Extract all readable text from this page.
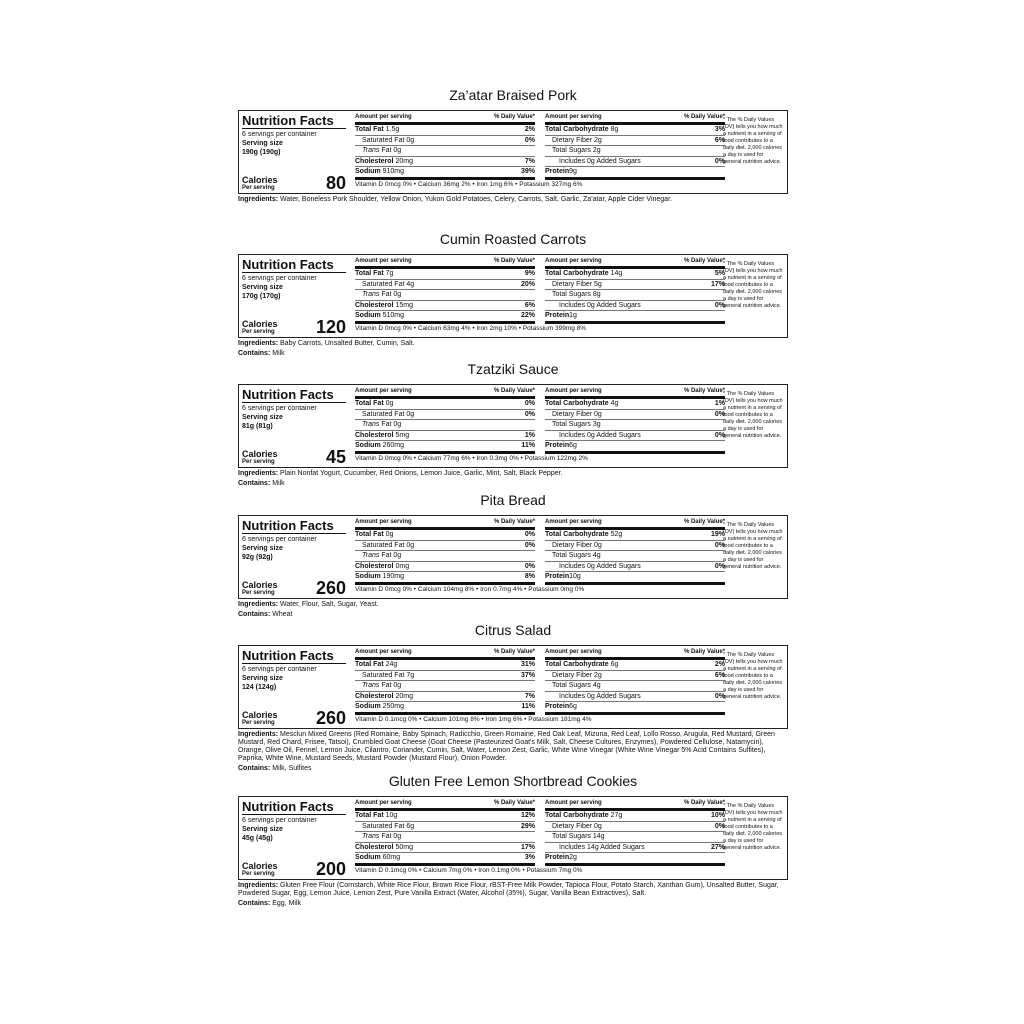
Za’atar Braised Pork
Nutrition Facts
6 servings per container
Serving size
190g (190g)
Calories
Per serving	80
Amount per serving	% Daily Value*
Total Fat 1.5g	2%
Saturated Fat 0g	0%
Trans Fat 0g
Cholesterol 20mg	7%
Sodium 910mg	39%
Amount per serving	% Daily Value*
Total Carbohydrate 8g	3%
Dietary Fiber 2g	6%
Total Sugars 2g
Includes 0g Added Sugars	0%
Protein9g
Vitamin D 0mcg 0% • Calcium 36mg 2% • Iron 1mg 6% • Potassium 327mg 6%
* The % Daily Values (DV) tells you how much a nutrient in a serving of food contributes to a daily diet. 2,000 calories a day is used for general nutrition advice.
Ingredients: Water, Boneless Pork Shoulder, Yellow Onion, Yukon Gold Potatoes, Celery, Carrots, Salt, Garlic, Za’atar, Apple Cider Vinegar.
Cumin Roasted Carrots
Nutrition Facts
6 servings per container
Serving size
170g (170g)
Calories
Per serving 120
Amount per serving	% Daily Value*
Total Fat 7g	9%
Saturated Fat 4g	20%
Trans Fat 0g
Cholesterol 15mg	6%
Sodium 510mg	22%
Amount per serving	% Daily Value*
Total Carbohydrate 14g	5%
Dietary Fiber 5g	17%
Total Sugars 8g
Includes 0g Added Sugars	0%
Protein1g
Vitamin D 0mcg 0% • Calcium 63mg 4% • Iron 2mg 10% • Potassium 399mg 8%
* The % Daily Values (DV) tells you how much a nutrient in a serving of food contributes to a daily diet. 2,000 calories a day is used for general nutrition advice.
Ingredients: Baby Carrots, Unsalted Butter, Cumin, Salt.
Contains: Milk
Tzatziki Sauce
Nutrition Facts
6 servings per container
Serving size
81g (81g)
Calories
Per serving	45
Amount per serving	% Daily Value*
Total Fat 0g	0%
Saturated Fat 0g	0%
Trans Fat 0g
Cholesterol 5mg	1%
Sodium 260mg	11%
Amount per serving	% Daily Value*
Total Carbohydrate 4g	1%
Dietary Fiber 0g	0%
Total Sugars 3g
Includes 0g Added Sugars	0%
Protein6g
Vitamin D 0mcg 0% • Calcium 77mg 6% • Iron 0.3mg 0% • Potassium 122mg 2%
* The % Daily Values (DV) tells you how much a nutrient in a serving of food contributes to a daily diet. 2,000 calories a day is used for general nutrition advice.
Ingredients: Plain Nonfat Yogurt, Cucumber, Red Onions, Lemon Juice, Garlic, Mint, Salt, Black Pepper.
Contains: Milk
Pita Bread
Nutrition Facts
6 servings per container
Serving size
92g (92g)
Calories
Per serving 260
Amount per serving	% Daily Value*
Total Fat 0g	0%
Saturated Fat 0g	0%
Trans Fat 0g
Cholesterol 0mg	0%
Sodium 190mg	8%
Amount per serving	% Daily Value*
Total Carbohydrate 52g	19%
Dietary Fiber 0g	0%
Total Sugars 4g
Includes 0g Added Sugars	0%
Protein10g
Vitamin D 0mcg 0% • Calcium 104mg 8% • Iron 0.7mg 4% • Potassium 0mg 0%
* The % Daily Values (DV) tells you how much a nutrient in a serving of food contributes to a daily diet. 2,000 calories a day is used for general nutrition advice.
Ingredients: Water, Flour, Salt, Sugar, Yeast.
Contains: Wheat
Citrus Salad
Nutrition Facts
6 servings per container
Serving size
124 (124g)
Calories
Per serving 260
Amount per serving	% Daily Value*
Total Fat 24g	31%
Saturated Fat 7g	37%
Trans Fat 0g
Cholesterol 20mg	7%
Sodium 250mg	11%
Amount per serving	% Daily Value*
Total Carbohydrate 6g	2%
Dietary Fiber 2g	6%
Total Sugars 4g
Includes 0g Added Sugars	0%
Protein6g
Vitamin D 0.1mcg 0% • Calcium 101mg 8% • Iron 1mg 6% • Potassium 181mg 4%
* The % Daily Values (DV) tells you how much a nutrient in a serving of food contributes to a daily diet. 2,000 calories a day is used for general nutrition advice.
Ingredients: Mesclun Mixed Greens (Red Romaine, Baby Spinach, Radicchio, Green Romaine, Red Oak Leaf, Mizuna, Red Leaf, Lollo Rosso, Arugula, Red Mustard, Green Mustard, Red Chard, Frisee, Tatsoi), Crumbled Goat Cheese (Goat Cheese (Pasteurized Goat's Milk, Salt, Cheese Cultures, Enzymes), Powdered Cellulose, Natamycin), Orange, Olive Oil, Fennel, Lemon Juice, Cilantro, Coriander, Cumin, Salt, Water, Lemon Zest, Garlic, White Wine Vinegar (White Wine Vinegar 5% Acid Contains Sulfites), Paprika, White Wine, Mustard Seeds, Mustard Powder (Mustard Flour), Onion Powder.
Contains: Milk, Sulfites
Gluten Free Lemon Shortbread Cookies
Nutrition Facts
6 servings per container
Serving size
45g (45g)
Calories
Per serving 200
Amount per serving	% Daily Value*
Total Fat 10g	12%
Saturated Fat 6g	29%
Trans Fat 0g
Cholesterol 50mg	17%
Sodium 60mg	3%
Amount per serving	% Daily Value*
Total Carbohydrate 27g	10%
Dietary Fiber 0g	0%
Total Sugars 14g
Includes 14g Added Sugars	27%
Protein2g
Vitamin D 0.1mcg 0% • Calcium 7mg 0% • Iron 0.1mg 0% • Potassium 7mg 0%
* The % Daily Values (DV) tells you how much a nutrient in a serving of food contributes to a daily diet. 2,000 calories a day is used for general nutrition advice.
Ingredients: Gluten Free Flour (Cornstarch, White Rice Flour, Brown Rice Flour, rBST-Free Milk Powder, Tapioca Flour, Potato Starch, Xanthan Gum), Unsalted Butter, Sugar, Powdered Sugar, Egg, Lemon Juice, Lemon Zest, Pure Vanilla Extract (Water, Alcohol (35%), Sugar, Vanilla Bean Extractives), Salt.
Contains: Egg, Milk
